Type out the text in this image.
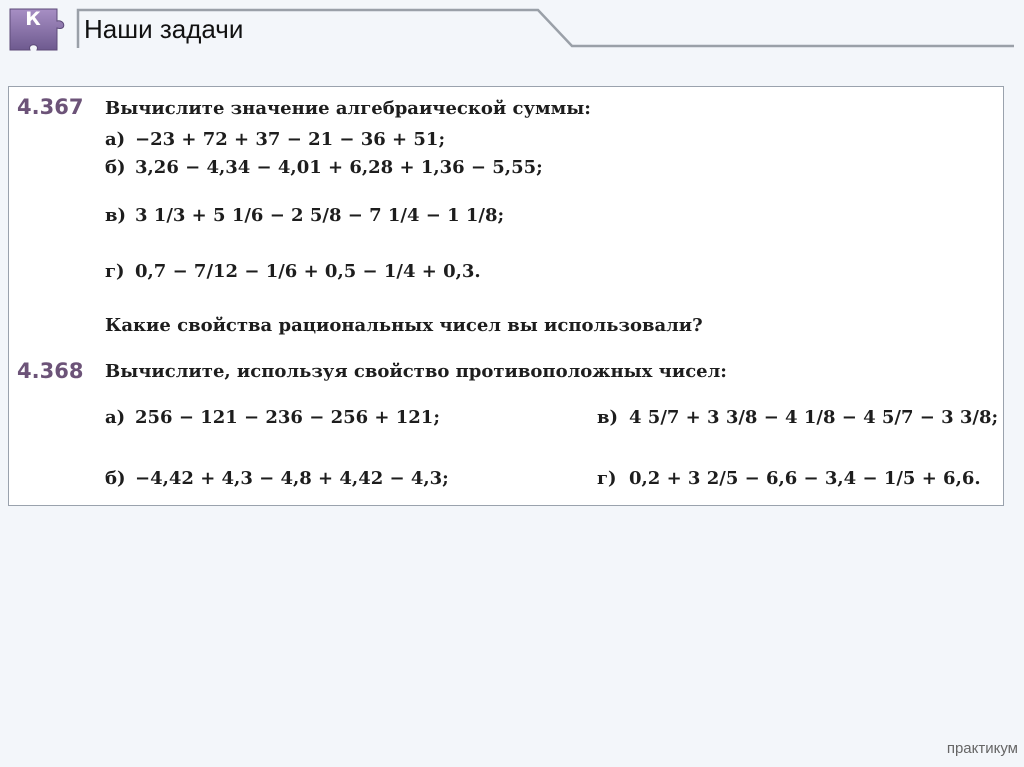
К	Наши задачи
4.367 Вычислите значение алгебраической суммы:
а) −23 + 72 + 37 − 21 − 36 + 51;
б) 3,26 − 4,34 − 4,01 + 6,28 + 1,36 − 5,55;
в) 3 1/3 + 5 1/6 − 2 5/8 − 7 1/4 − 1 1/8;
г) 0,7 − 7/12 − 1/6 + 0,5 − 1/4 + 0,3.
Какие свойства рациональных чисел вы использовали?
4.368 Вычислите, используя свойство противоположных чисел:
а) 256 − 121 − 236 − 256 + 121;
б) −4,42 + 4,3 − 4,8 + 4,42 − 4,3;
в) 4 5/7 + 3 3/8 − 4 1/8 − 4 5/7 − 3 3/8;
г) 0,2 + 3 2/5 − 6,6 − 3,4 − 1/5 + 6,6.
практикум
